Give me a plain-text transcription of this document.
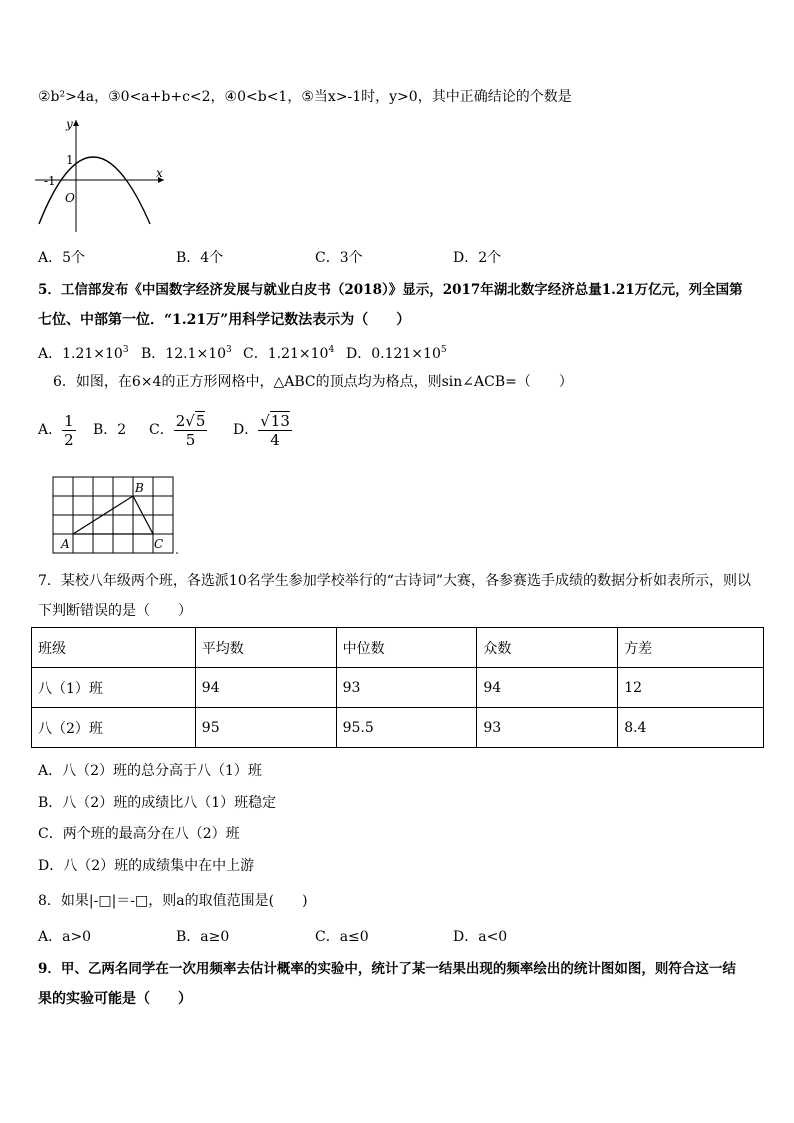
②b²>4a，③0<a+b+c<2，④0<b<1，⑤当x>-1时，y>0，其中正确结论的个数是
y
x
1
-1
O
A．5个	B．4个	C．3个	D．2个
5．工信部发布《中国数字经济发展与就业白皮书（2018）》显示，2017年湖北数字经济总量1.21万亿元，列全国第
七位、中部第一位．“1.21万”用科学记数法表示为（　　）
A．$1.21\times 10^3$ B．$12.1\times 10^3$ C．$1.21\times 10^4$ D．$0.121\times 10^5$
6．如图，在6×4的正方形网格中，△ABC的顶点均为格点，则sin∠ACB=（　　）
A． $\frac{1}{2}$ B．2 C． $\frac{2√5}{5}$ D． $\frac{√13}{4}$
A
B
C
7．某校八年级两个班，各选派10名学生参加学校举行的“古诗词”大赛，各参赛选手成绩的数据分析如表所示，则以
下判断错误的是（　　）
班级	平均数	中位数	众数	方差
八（1）班	94	93	94	12
八（2）班	95	95.5	93	8.4
A．八（2）班的总分高于八（1）班
B．八（2）班的成绩比八（1）班稳定
C．两个班的最高分在八（2）班
D．八（2）班的成绩集中在中上游
8．如果|-□|＝-□，则a的取值范围是(　　)
A．a>0	B．a≥0	C．a≤0	D．a<0
9．甲、乙两名同学在一次用频率去估计概率的实验中，统计了某一结果出现的频率绘出的统计图如图，则符合这一结
果的实验可能是（　　）
